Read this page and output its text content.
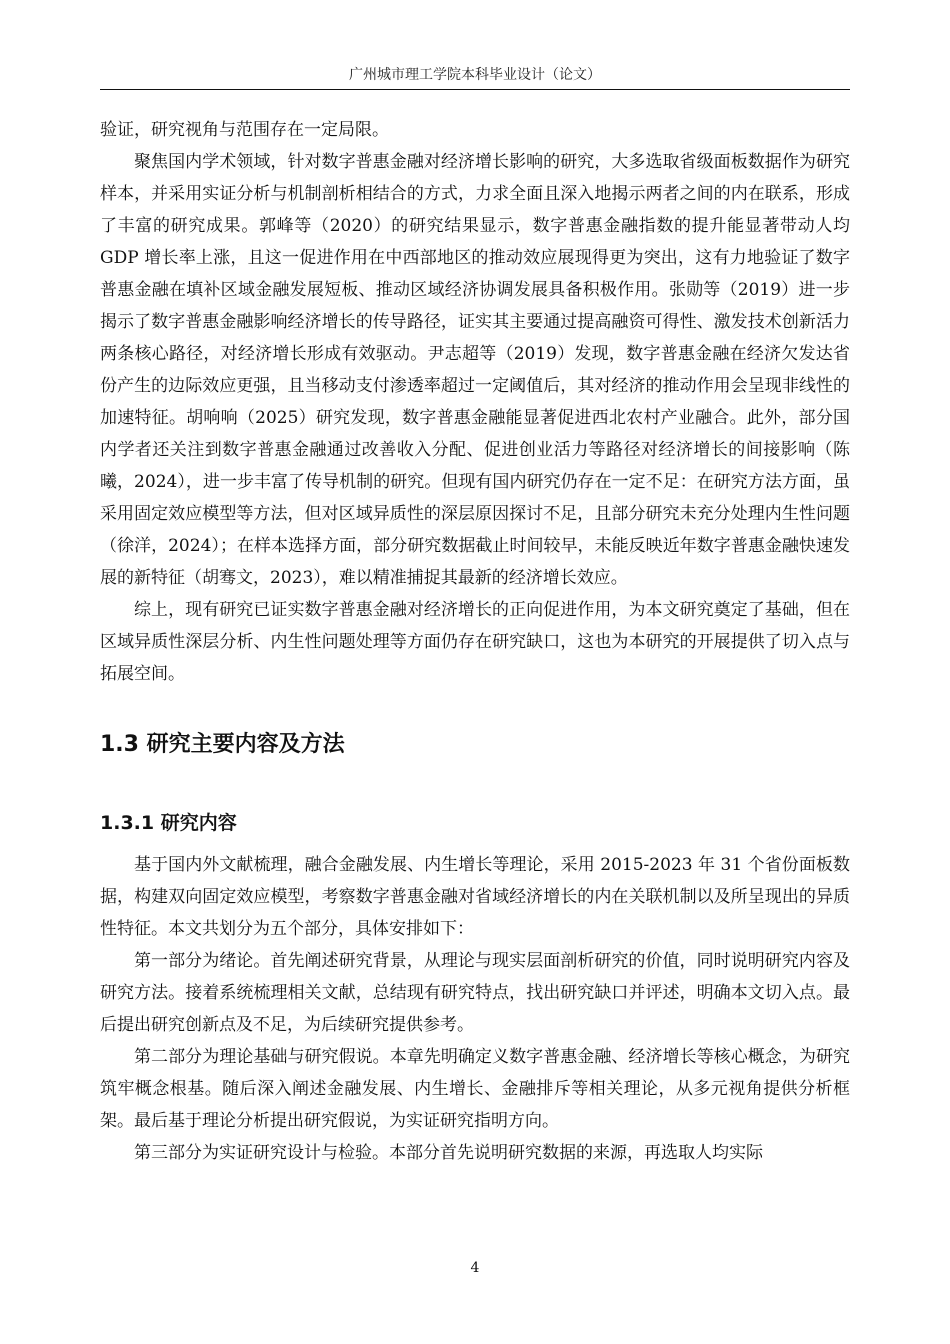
广州城市理工学院本科毕业设计（论文）

验证，研究视角与范围存在一定局限。

聚焦国内学术领域，针对数字普惠金融对经济增长影响的研究，大多选取省级面板数据作为研究样本，并采用实证分析与机制剖析相结合的方式，力求全面且深入地揭示两者之间的内在联系，形成了丰富的研究成果。郭峰等（2020）的研究结果显示，数字普惠金融指数的提升能显著带动人均 GDP 增长率上涨，且这一促进作用在中西部地区的推动效应展现得更为突出，这有力地验证了数字普惠金融在填补区域金融发展短板、推动区域经济协调发展具备积极作用。张勋等（2019）进一步揭示了数字普惠金融影响经济增长的传导路径，证实其主要通过提高融资可得性、激发技术创新活力两条核心路径，对经济增长形成有效驱动。尹志超等（2019）发现，数字普惠金融在经济欠发达省份产生的边际效应更强，且当移动支付渗透率超过一定阈值后，其对经济的推动作用会呈现非线性的加速特征。胡响响（2025）研究发现，数字普惠金融能显著促进西北农村产业融合。此外，部分国内学者还关注到数字普惠金融通过改善收入分配、促进创业活力等路径对经济增长的间接影响（陈曦，2024），进一步丰富了传导机制的研究。但现有国内研究仍存在一定不足：在研究方法方面，虽采用固定效应模型等方法，但对区域异质性的深层原因探讨不足，且部分研究未充分处理内生性问题（徐洋，2024）；在样本选择方面，部分研究数据截止时间较早，未能反映近年数字普惠金融快速发展的新特征（胡骞文，2023），难以精准捕捉其最新的经济增长效应。

综上，现有研究已证实数字普惠金融对经济增长的正向促进作用，为本文研究奠定了基础，但在区域异质性深层分析、内生性问题处理等方面仍存在研究缺口，这也为本研究的开展提供了切入点与拓展空间。

1.3 研究主要内容及方法
1.3.1 研究内容

基于国内外文献梳理，融合金融发展、内生增长等理论，采用 2015-2023 年 31 个省份面板数据，构建双向固定效应模型，考察数字普惠金融对省域经济增长的内在关联机制以及所呈现出的异质性特征。本文共划分为五个部分，具体安排如下：

第一部分为绪论。首先阐述研究背景，从理论与现实层面剖析研究的价值，同时说明研究内容及研究方法。接着系统梳理相关文献，总结现有研究特点，找出研究缺口并评述，明确本文切入点。最后提出研究创新点及不足，为后续研究提供参考。

第二部分为理论基础与研究假说。本章先明确定义数字普惠金融、经济增长等核心概念，为研究筑牢概念根基。随后深入阐述金融发展、内生增长、金融排斥等相关理论，从多元视角提供分析框架。最后基于理论分析提出研究假说，为实证研究指明方向。

第三部分为实证研究设计与检验。本部分首先说明研究数据的来源，再选取人均实际

4
